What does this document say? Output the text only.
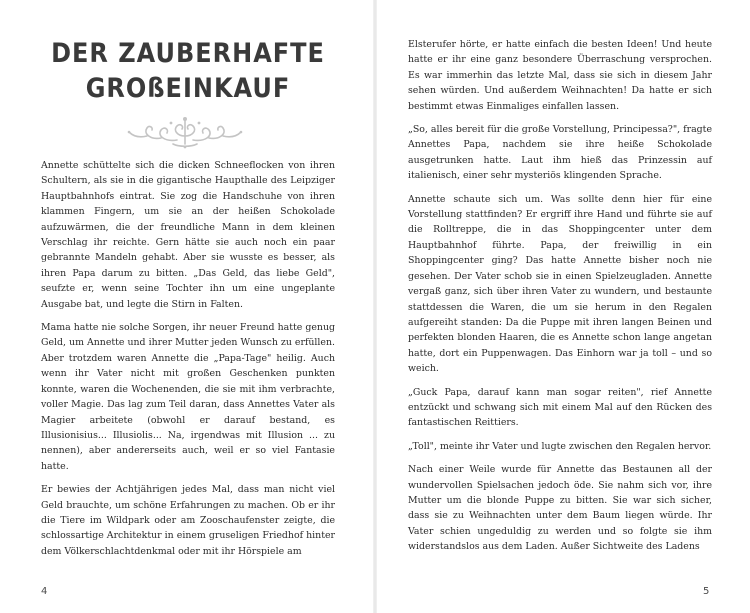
DER ZAUBERHAFTE
GROßEINKAUF

Annette schüttelte sich die dicken Schneeflocken von ihren Schultern, als sie in die gigantische Haupthalle des Leipziger Hauptbahnhofs eintrat. Sie zog die Handschuhe von ihren klammen Fingern, um sie an der heißen Schokolade aufzuwärmen, die der freundliche Mann in dem kleinen Verschlag ihr reichte. Gern hätte sie auch noch ein paar gebrannte Mandeln gehabt. Aber sie wusste es besser, als ihren Papa darum zu bitten. „Das Geld, das liebe Geld", seufzte er, wenn seine Tochter ihn um eine ungeplante Ausgabe bat, und legte die Stirn in Falten.

Mama hatte nie solche Sorgen, ihr neuer Freund hatte genug Geld, um Annette und ihrer Mutter jeden Wunsch zu erfüllen. Aber trotzdem waren Annette die „Papa-Tage" heilig. Auch wenn ihr Vater nicht mit großen Geschenken punkten konnte, waren die Wochenenden, die sie mit ihm verbrachte, voller Magie. Das lag zum Teil daran, dass Annettes Vater als Magier arbeitete (obwohl er darauf bestand, es Illusionisius... Illusiolis... Na, irgendwas mit Illusion ... zu nennen), aber andererseits auch, weil er so viel Fantasie hatte.

Er bewies der Achtjährigen jedes Mal, dass man nicht viel Geld brauchte, um schöne Erfahrungen zu machen. Ob er ihr die Tiere im Wildpark oder am Zooschaufenster zeigte, die schlossartige Architektur in einem gruseligen Friedhof hinter dem Völkerschlachtdenkmal oder mit ihr Hörspiele am

4

Elsterufer hörte, er hatte einfach die besten Ideen! Und heute hatte er ihr eine ganz besondere Überraschung versprochen. Es war immerhin das letzte Mal, dass sie sich in diesem Jahr sehen würden. Und außerdem Weihnachten! Da hatte er sich bestimmt etwas Einmaliges einfallen lassen.

„So, alles bereit für die große Vorstellung, Principessa?", fragte Annettes Papa, nachdem sie ihre heiße Schokolade ausgetrunken hatte. Laut ihm hieß das Prinzessin auf italienisch, einer sehr mysteriös klingenden Sprache.

Annette schaute sich um. Was sollte denn hier für eine Vorstellung stattfinden? Er ergriff ihre Hand und führte sie auf die Rolltreppe, die in das Shoppingcenter unter dem Hauptbahnhof führte. Papa, der freiwillig in ein Shoppingcenter ging? Das hatte Annette bisher noch nie gesehen. Der Vater schob sie in einen Spielzeugladen. Annette vergaß ganz, sich über ihren Vater zu wundern, und bestaunte stattdessen die Waren, die um sie herum in den Regalen aufgereiht standen: Da die Puppe mit ihren langen Beinen und perfekten blonden Haaren, die es Annette schon lange angetan hatte, dort ein Puppenwagen. Das Einhorn war ja toll – und so weich.

„Guck Papa, darauf kann man sogar reiten", rief Annette entzückt und schwang sich mit einem Mal auf den Rücken des fantastischen Reittiers.

„Toll", meinte ihr Vater und lugte zwischen den Regalen hervor.

Nach einer Weile wurde für Annette das Bestaunen all der wundervollen Spielsachen jedoch öde. Sie nahm sich vor, ihre Mutter um die blonde Puppe zu bitten. Sie war sich sicher, dass sie zu Weihnachten unter dem Baum liegen würde. Ihr Vater schien ungeduldig zu werden und so folgte sie ihm widerstandslos aus dem Laden. Außer Sichtweite des Ladens

5
